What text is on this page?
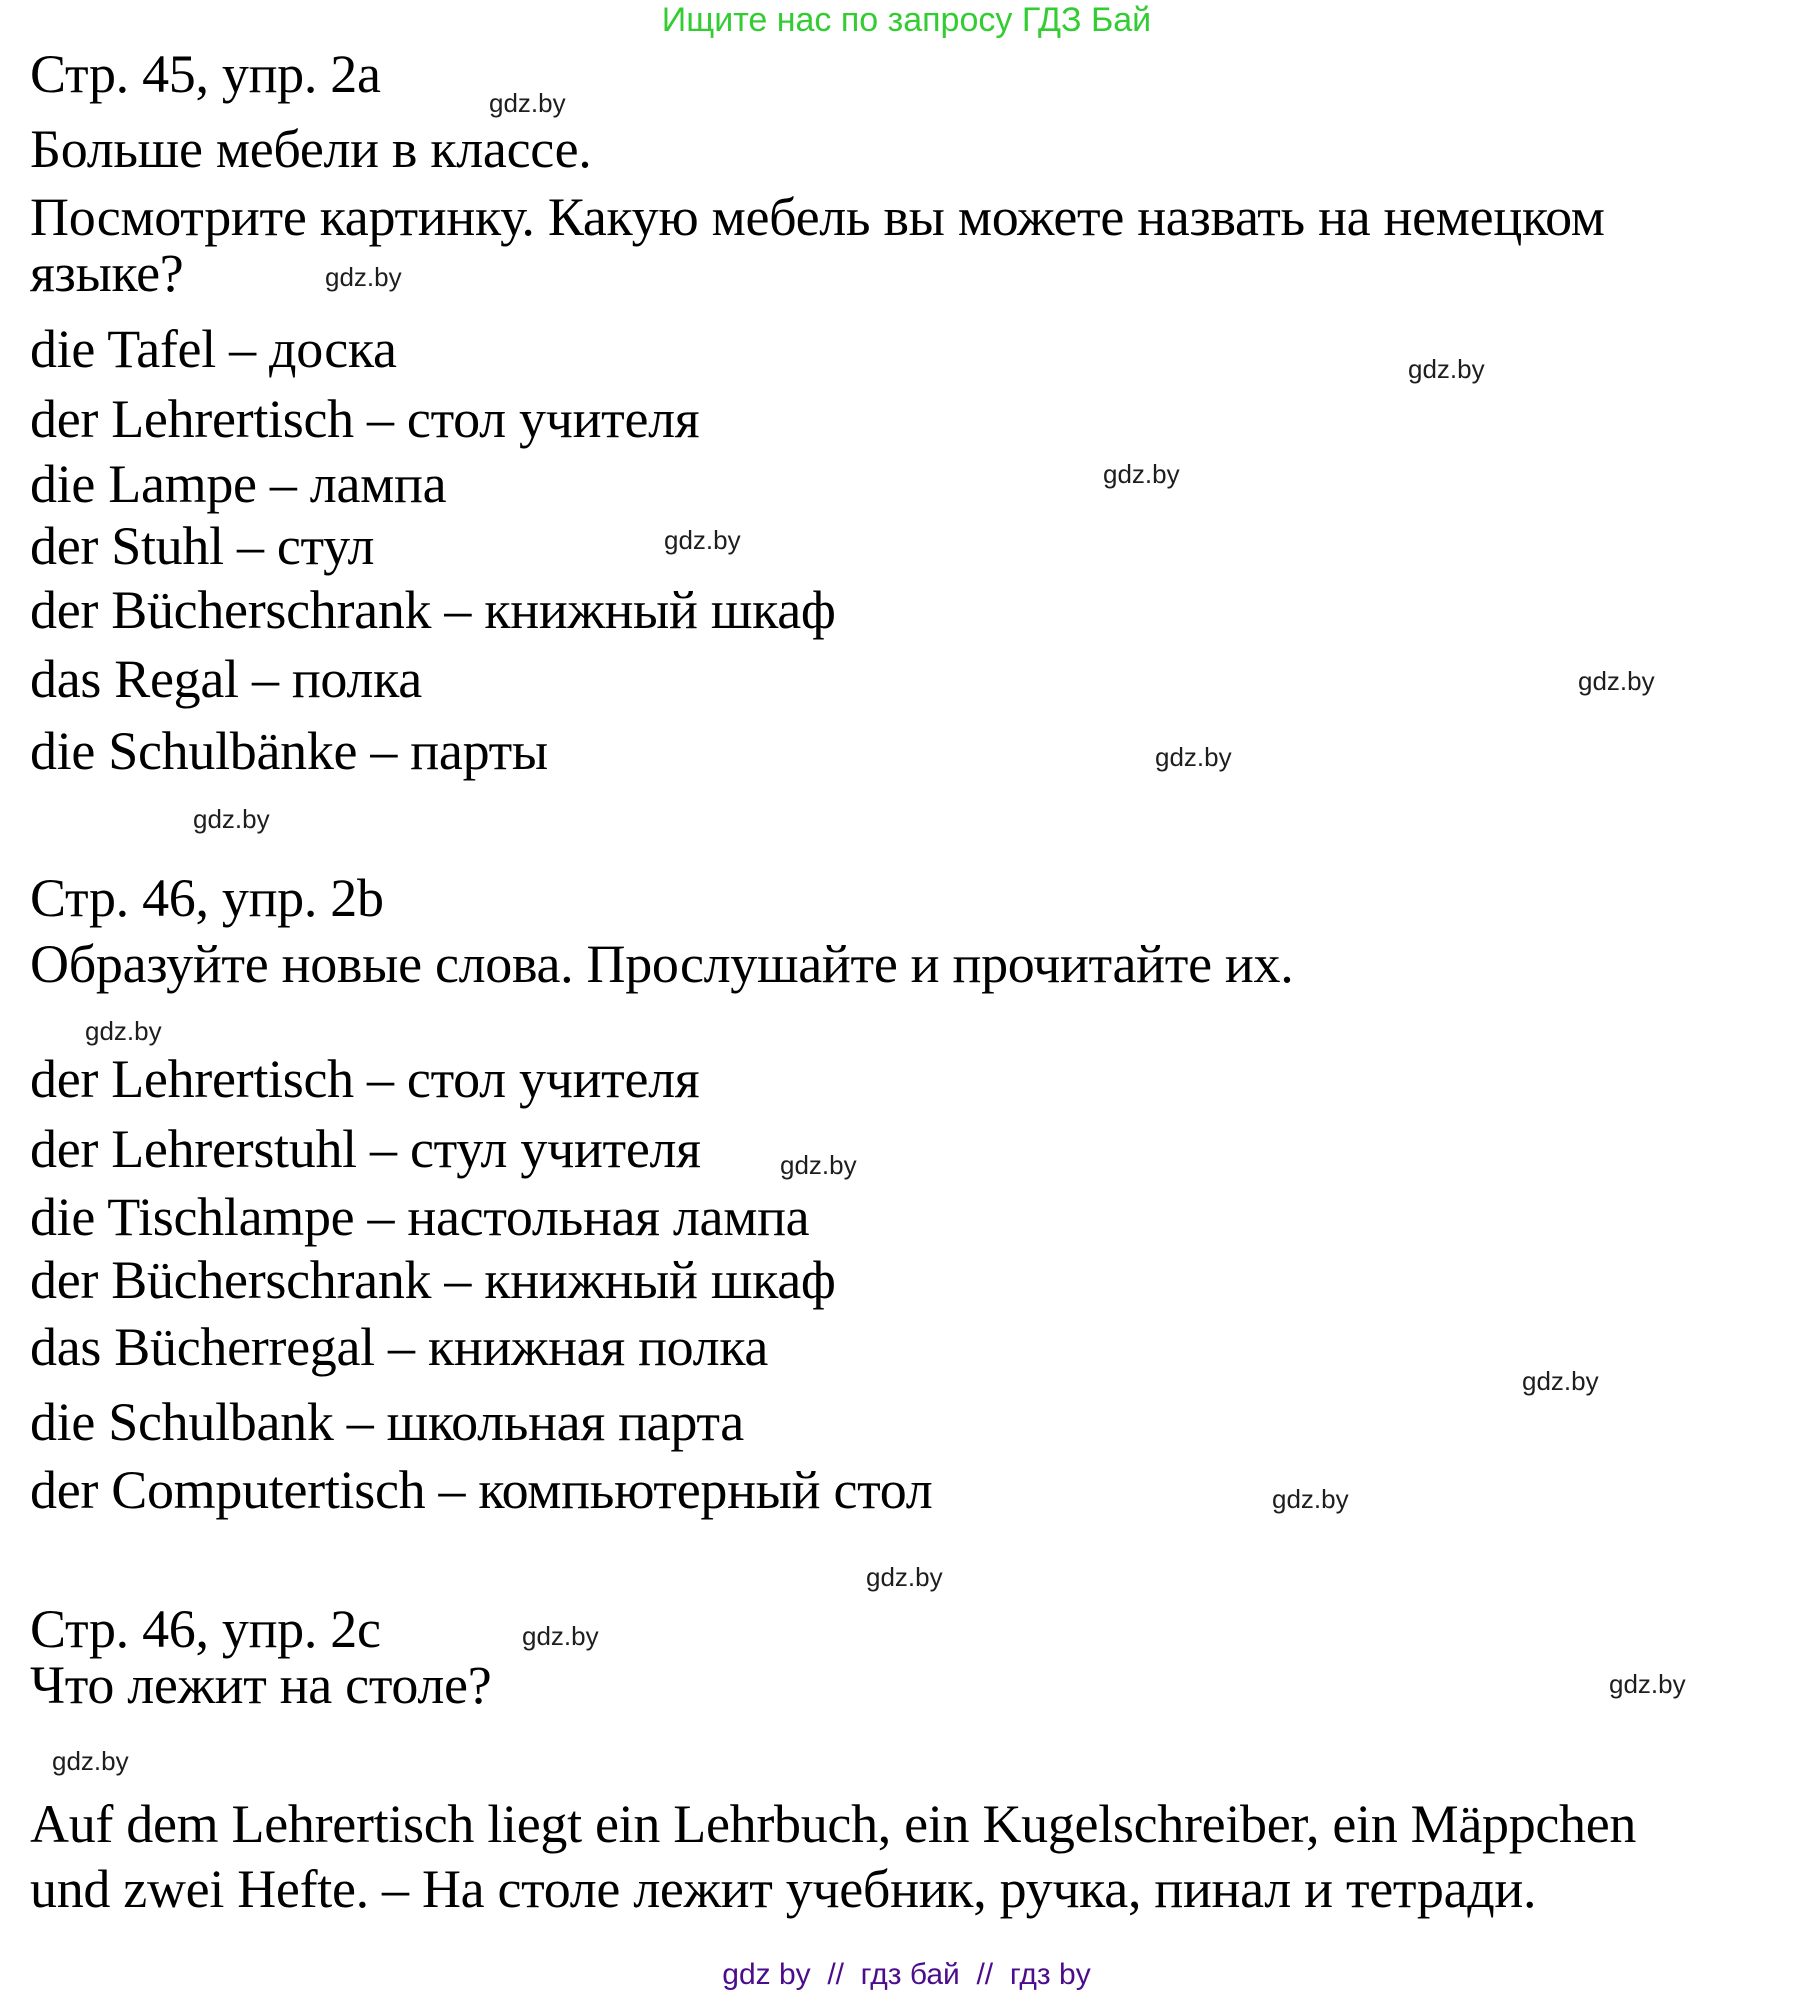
Ищите нас по запросу ГДЗ Бай
Стр. 45, упр. 2a
Больше мебели в классе.
Посмотрите картинку. Какую мебель вы можете назвать на немецком
языке?
die Tafel – доска
der Lehrertisch – стол учителя
die Lampe – лампа
der Stuhl – стул
der Bücherschrank – книжный шкаф
das Regal – полка
die Schulbänke – парты
Стр. 46, упр. 2b
Образуйте новые слова. Прослушайте и прочитайте их.
der Lehrertisch – стол учителя
der Lehrerstuhl – стул учителя
die Tischlampe – настольная лампа
der Bücherschrank – книжный шкаф
das Bücherregal – книжная полка
die Schulbank – школьная парта
der Computertisch – компьютерный стол
Стр. 46, упр. 2c
Что лежит на столе?
Auf dem Lehrertisch liegt ein Lehrbuch, ein Kugelschreiber, ein Mäppchen
und zwei Hefte. – На столе лежит учебник, ручка, пинал и тетради.
gdz.by
gdz.by
gdz.by
gdz.by
gdz.by
gdz.by
gdz.by
gdz.by
gdz.by
gdz.by
gdz.by
gdz.by
gdz.by
gdz.by
gdz.by
gdz.by
gdz by  //  гдз бай  //  гдз by
